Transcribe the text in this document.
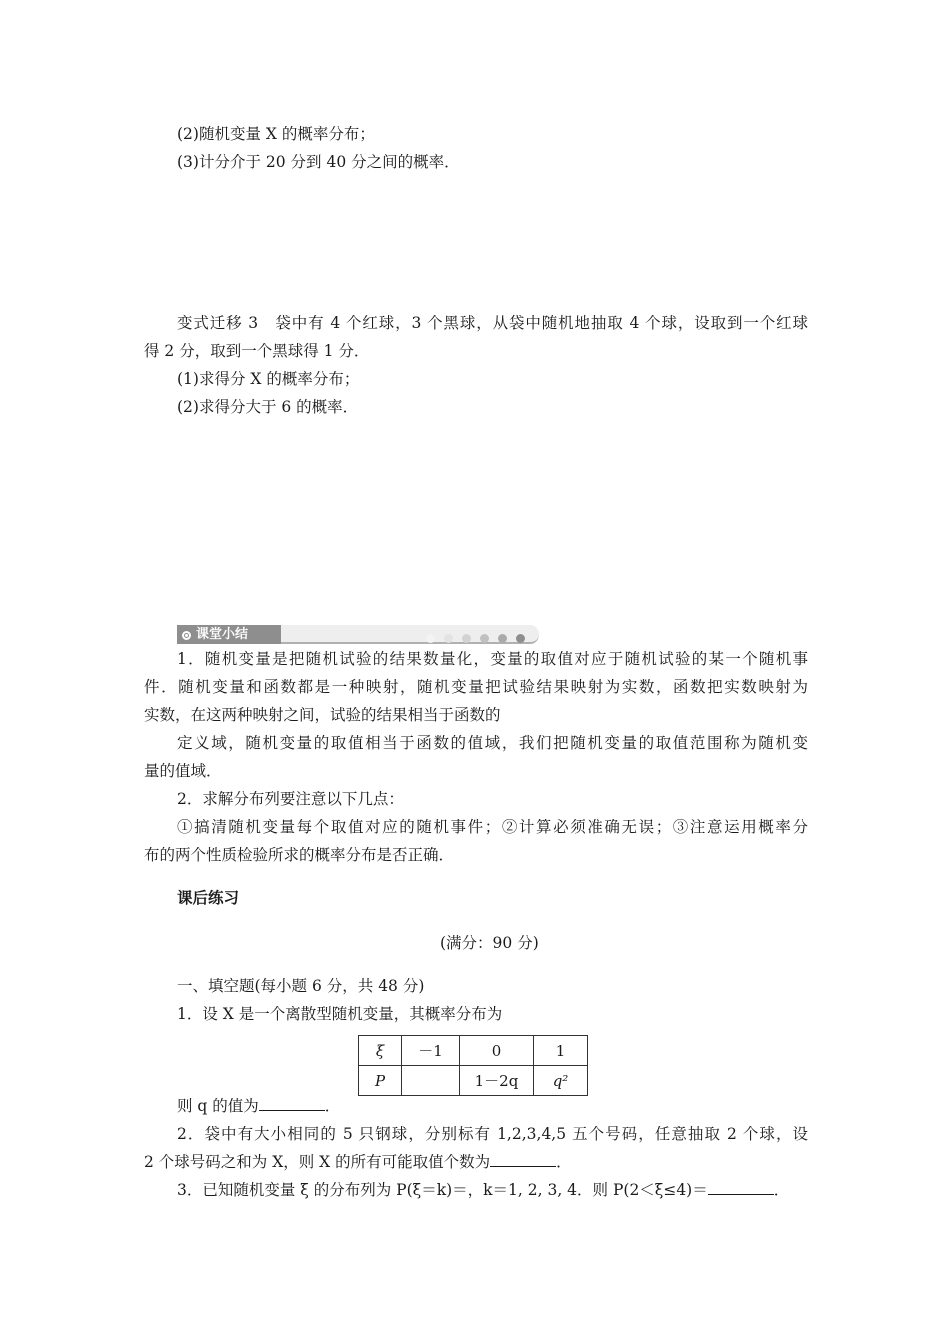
(2)随机变量 X 的概率分布；
(3)计分介于 20 分到 40 分之间的概率．
变式迁移 3　袋中有 4 个红球，3 个黑球，从袋中随机地抽取 4 个球，设取到一个红球
得 2 分，取到一个黑球得 1 分．
(1)求得分 X 的概率分布；
(2)求得分大于 6 的概率．
课堂小结
1．随机变量是把随机试验的结果数量化，变量的取值对应于随机试验的某一个随机事
件．随机变量和函数都是一种映射，随机变量把试验结果映射为实数，函数把实数映射为
实数，在这两种映射之间，试验的结果相当于函数的
定义域，随机变量的取值相当于函数的值域，我们把随机变量的取值范围称为随机变
量的值域．
2．求解分布列要注意以下几点：
①搞清随机变量每个取值对应的随机事件；②计算必须准确无误；③注意运用概率分
布的两个性质检验所求的概率分布是否正确．
课后练习
(满分：90 分)
一、填空题(每小题 6 分，共 48 分)
1．设 X 是一个离散型随机变量，其概率分布为
ξ	－1	0	1
P		1－2q	q²
则 q 的值为	．
2．袋中有大小相同的 5 只钢球，分别标有 1,2,3,4,5 五个号码，任意抽取 2 个球，设
2 个球号码之和为 X，则 X 的所有可能取值个数为	．
3．已知随机变量 ξ 的分布列为 P(ξ＝k)＝，k＝1, 2, 3, 4．则 P(2＜ξ≤4)＝	．
